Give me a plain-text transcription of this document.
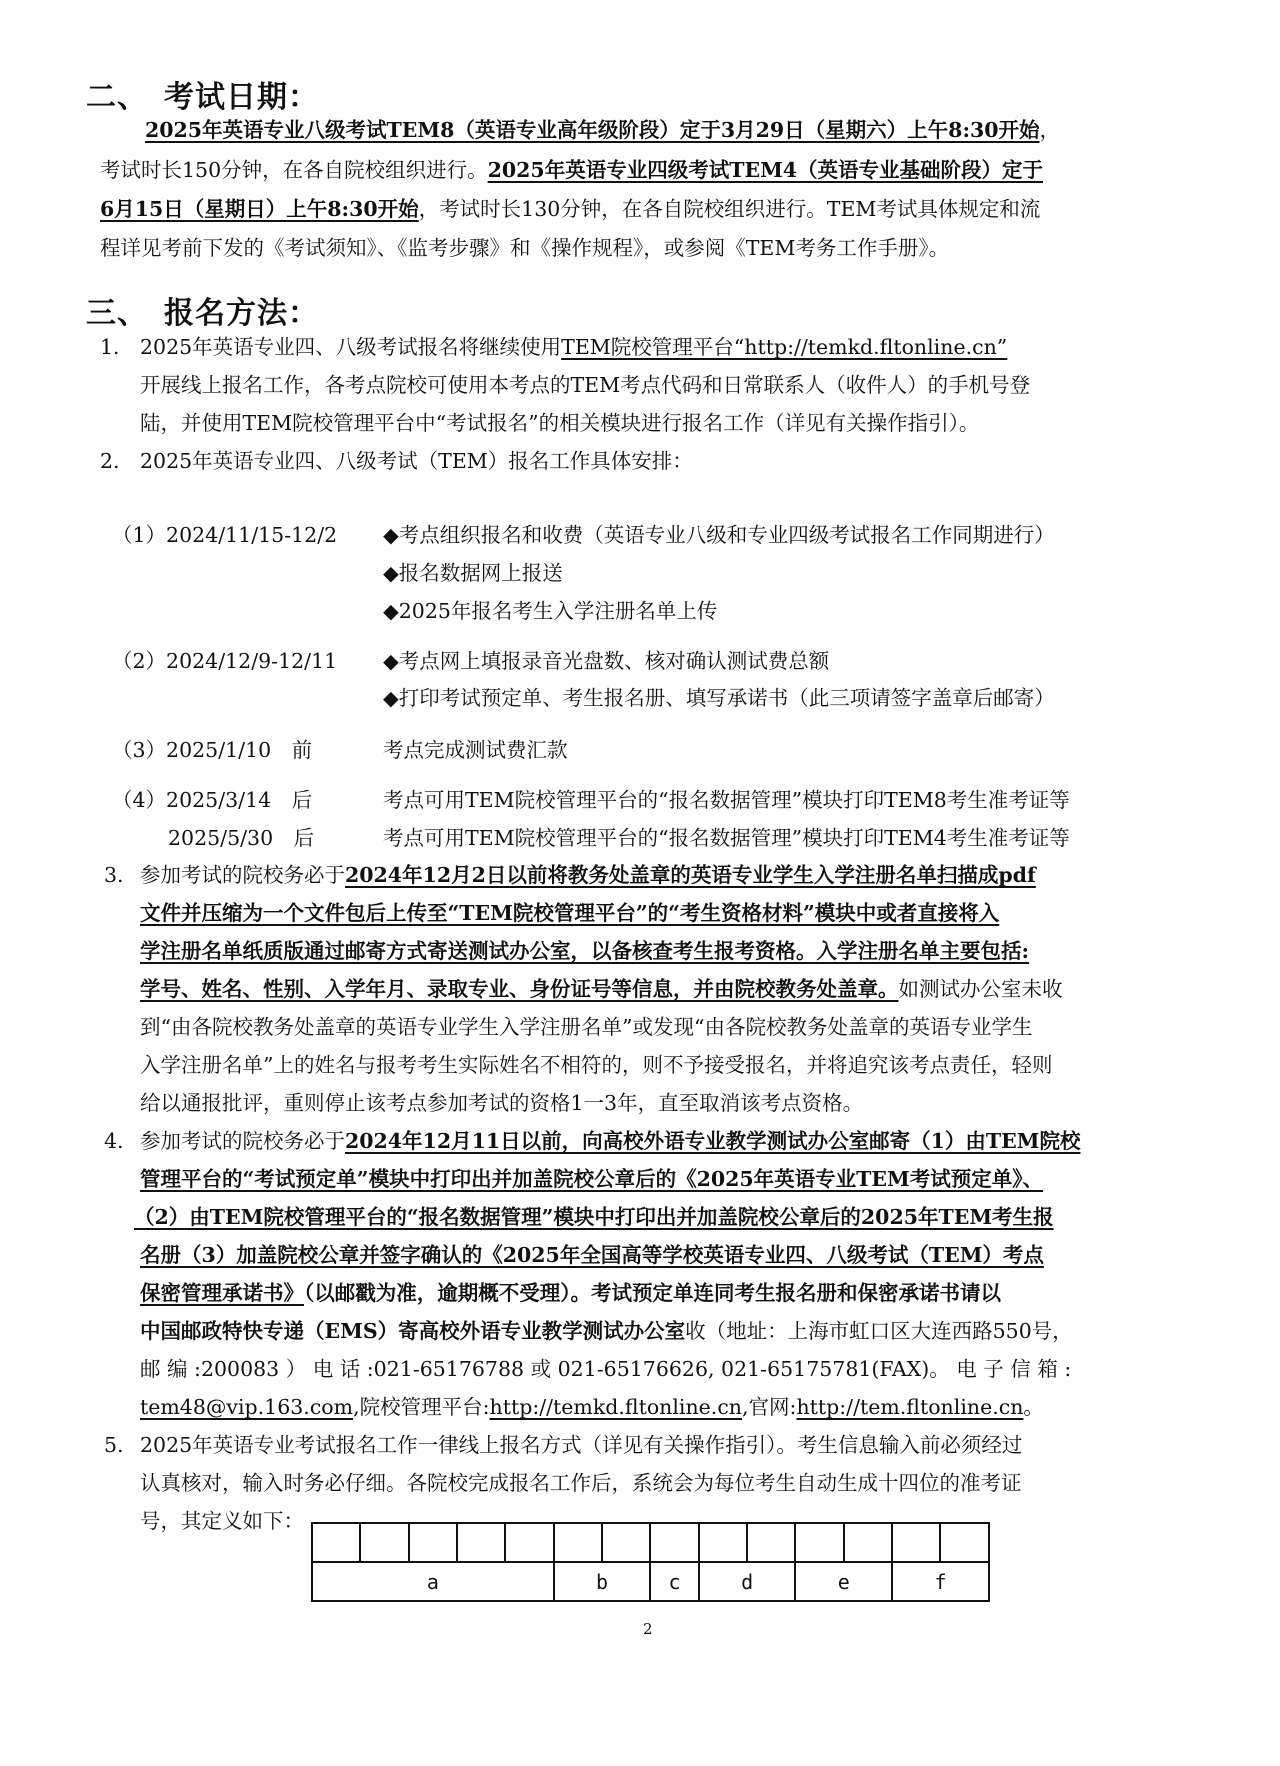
二、　考试日期：
2025年英语专业八级考试TEM8（英语专业高年级阶段）定于3月29日（星期六）上午8:30开始，
考试时长150分钟，在各自院校组织进行。2025年英语专业四级考试TEM4（英语专业基础阶段）定于
6月15日（星期日）上午8:30开始，考试时长130分钟，在各自院校组织进行。TEM考试具体规定和流
程详见考前下发的《考试须知》、《监考步骤》和《操作规程》，或参阅《TEM考务工作手册》。
三、　报名方法：
1. 2025年英语专业四、八级考试报名将继续使用TEM院校管理平台“http://temkd.fltonline.cn”
开展线上报名工作，各考点院校可使用本考点的TEM考点代码和日常联系人（收件人）的手机号登
陆，并使用TEM院校管理平台中“考试报名”的相关模块进行报名工作（详见有关操作指引）。
2. 2025年英语专业四、八级考试（TEM）报名工作具体安排：
（1）2024/11/15-12/2 ◆考点组织报名和收费（英语专业八级和专业四级考试报名工作同期进行）
◆报名数据网上报送
◆2025年报名考生入学注册名单上传
（2）2024/12/9-12/11 ◆考点网上填报录音光盘数、核对确认测试费总额
◆打印考试预定单、考生报名册、填写承诺书（此三项请签字盖章后邮寄）
（3）2025/1/10　前	考点完成测试费汇款
（4）2025/3/14　后	考点可用TEM院校管理平台的“报名数据管理”模块打印TEM8考生准考证等
2025/5/30　后	考点可用TEM院校管理平台的“报名数据管理”模块打印TEM4考生准考证等
3. 参加考试的院校务必于2024年12月2日以前将教务处盖章的英语专业学生入学注册名单扫描成pdf
文件并压缩为一个文件包后上传至“TEM院校管理平台”的“考生资格材料”模块中或者直接将入
学注册名单纸质版通过邮寄方式寄送测试办公室，以备核查考生报考资格。入学注册名单主要包括:
学号、姓名、性别、入学年月、录取专业、身份证号等信息，并由院校教务处盖章。如测试办公室未收
到“由各院校教务处盖章的英语专业学生入学注册名单”或发现“由各院校教务处盖章的英语专业学生
入学注册名单”上的姓名与报考考生实际姓名不相符的，则不予接受报名，并将追究该考点责任，轻则
给以通报批评，重则停止该考点参加考试的资格1一3年，直至取消该考点资格。
4. 参加考试的院校务必于2024年12月11日以前，向高校外语专业教学测试办公室邮寄（1）由TEM院校
管理平台的“考试预定单”模块中打印出并加盖院校公章后的《2025年英语专业TEM考试预定单》、
（2）由TEM院校管理平台的“报名数据管理”模块中打印出并加盖院校公章后的2025年TEM考生报
名册（3）加盖院校公章并签字确认的《2025年全国高等学校英语专业四、八级考试（TEM）考点
保密管理承诺书》（以邮戳为准，逾期概不受理）。考试预定单连同考生报名册和保密承诺书请以
中国邮政特快专递（EMS）寄高校外语专业教学测试办公室收（地址：上海市虹口区大连西路550号，
邮 编 :200083 ） 电 话 :021-65176788 或 021-65176626, 021-65175781(FAX)。 电 子 信 箱 :
tem48@vip.163.com,院校管理平台:http://temkd.fltonline.cn,官网:http://tem.fltonline.cn。
5. 2025年英语专业考试报名工作一律线上报名方式（详见有关操作指引）。考生信息输入前必须经过
认真核对，输入时务必仔细。各院校完成报名工作后，系统会为每位考生自动生成十四位的准考证
号，其定义如下：

a					b		c	d		e		f	
2
